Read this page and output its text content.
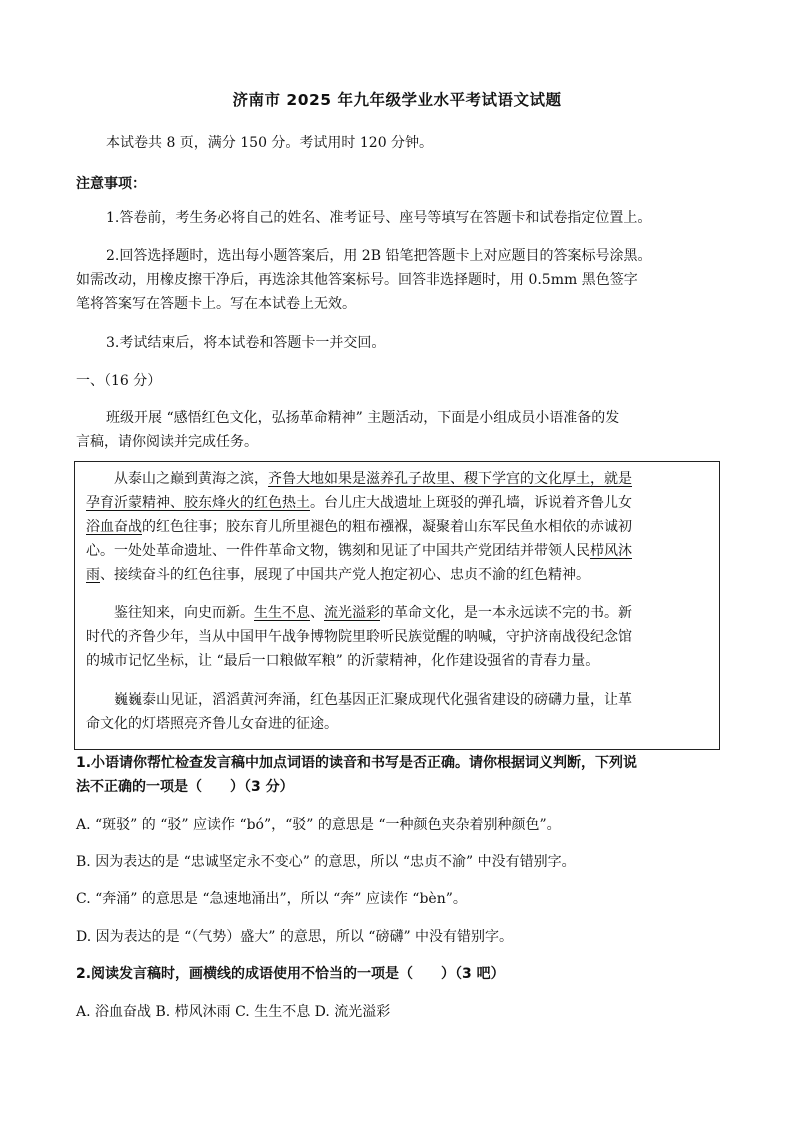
济南市 2025 年九年级学业水平考试语文试题
本试卷共 8 页，满分 150 分。考试用时 120 分钟。
注意事项：
1.答卷前，考生务必将自己的姓名、准考证号、座号等填写在答题卡和试卷指定位置上。
2.回答选择题时，选出每小题答案后，用 2B 铅笔把答题卡上对应题目的答案标号涂黑。
如需改动，用橡皮擦干净后，再选涂其他答案标号。回答非选择题时，用 0.5mm 黑色签字
笔将答案写在答题卡上。写在本试卷上无效。
3.考试结束后，将本试卷和答题卡一并交回。
一、（16 分）
班级开展 “感悟红色文化，弘扬革命精神” 主题活动，下面是小组成员小语准备的发
言稿，请你阅读并完成任务。
从泰山之巅到黄海之滨，齐鲁大地如果是滋养孔子故里、稷下学宫的文化厚土，就是
孕育沂蒙精神、胶东烽火的红色热土。台儿庄大战遗址上斑驳的弹孔墙，诉说着齐鲁儿女
浴血奋战的红色往事；胶东育儿所里褪色的粗布襁褓，凝聚着山东军民鱼水相依的赤诚初
心。一处处革命遗址、一件件革命文物，镌刻和见证了中国共产党团结并带领人民栉风沐
雨、接续奋斗的红色往事，展现了中国共产党人抱定初心、忠贞不渝的红色精神。
鉴往知来，向史而新。生生不息、流光溢彩的革命文化，是一本永远读不完的书。新
时代的齐鲁少年，当从中国甲午战争博物院里聆听民族觉醒的呐喊，守护济南战役纪念馆
的城市记忆坐标，让 “最后一口粮做军粮” 的沂蒙精神，化作建设强省的青春力量。
巍巍泰山见证，滔滔黄河奔涌，红色基因正汇聚成现代化强省建设的磅礴力量，让革
命文化的灯塔照亮齐鲁儿女奋进的征途。
1.小语请你帮忙检查发言稿中加点词语的读音和书写是否正确。请你根据词义判断，下列说
法不正确的一项是（　　）（3 分）
A. “斑驳” 的 “驳” 应读作 “bó”，“驳” 的意思是 “一种颜色夹杂着别种颜色”。
B. 因为表达的是 “忠诚坚定永不变心” 的意思，所以 “忠贞不渝” 中没有错别字。
C. “奔涌” 的意思是 “急速地涌出”，所以 “奔” 应读作 “bèn”。
D. 因为表达的是 “（气势）盛大” 的意思，所以 “磅礴” 中没有错别字。
2.阅读发言稿时，画横线的成语使用不恰当的一项是（　　）（3 吧）
A. 浴血奋战 B. 栉风沐雨 C. 生生不息 D. 流光溢彩
